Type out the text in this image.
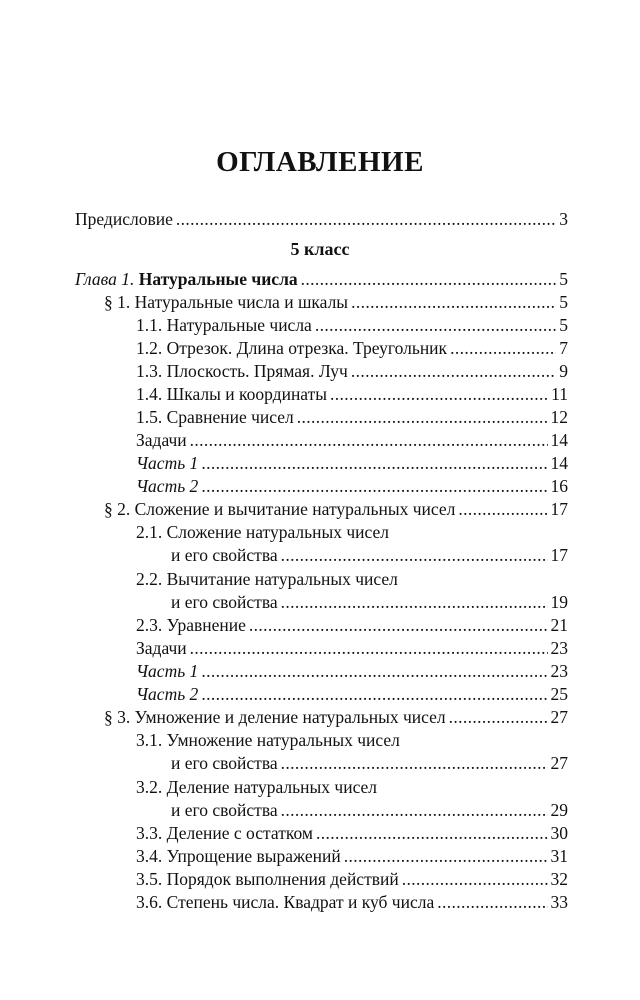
ОГЛАВЛЕНИЕ
Предисловие . . .	3
5 класс
Глава 1. Натуральные числа . . .	5
§ 1. Натуральные числа и шкалы . . .	5
1.1. Натуральные числа . . .	5
1.2. Отрезок. Длина отрезка. Треугольник . . .	7
1.3. Плоскость. Прямая. Луч . . .	9
1.4. Шкалы и координаты . . .	11
1.5. Сравнение чисел . . .	12
Задачи . . .	14
Часть 1 . . .	14
Часть 2 . . .	16
§ 2. Сложение и вычитание натуральных чисел . . .	17
2.1. Сложение натуральных чисел
и его свойства . . .	17
2.2. Вычитание натуральных чисел
и его свойства . . .	19
2.3. Уравнение . . .	21
Задачи . . .	23
Часть 1 . . .	23
Часть 2 . . .	25
§ 3. Умножение и деление натуральных чисел . . .	27
3.1. Умножение натуральных чисел
и его свойства . . .	27
3.2. Деление натуральных чисел
и его свойства . . .	29
3.3. Деление с остатком . . .	30
3.4. Упрощение выражений . . .	31
3.5. Порядок выполнения действий . . .	32
3.6. Степень числа. Квадрат и куб числа . . .	33
